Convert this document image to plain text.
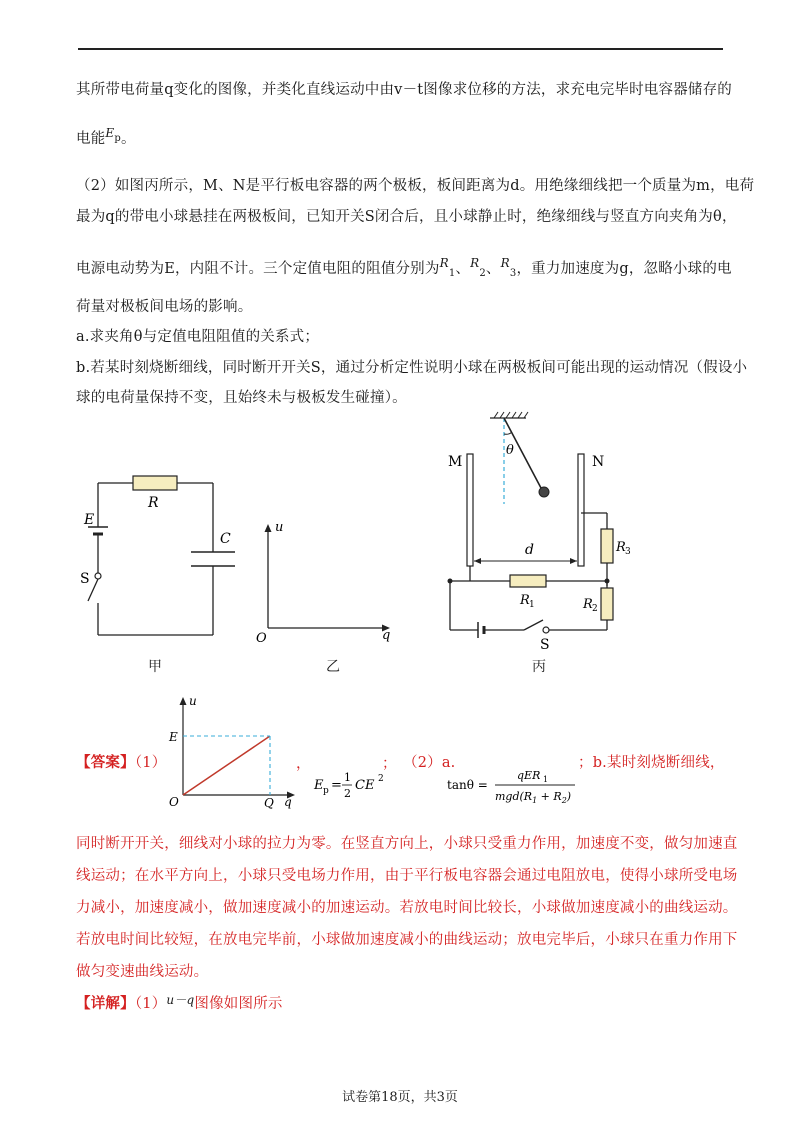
其所带电荷量q变化的图像，并类化直线运动中由v－t图像求位移的方法，求充电完毕时电容器储存的
电能$^{Ep}$。
（2）如图丙所示，M、N是平行板电容器的两个极板，板间距离为d。用绝缘细线把一个质量为m，电荷
最为q的带电小球悬挂在两极板间，已知开关S闭合后，且小球静止时，绝缘细线与竖直方向夹角为θ，
电源电动势为E，内阻不计。三个定值电阻的阻值分别为$^R_1$、$^R_2$、$^R_3$，重力加速度为g，忽略小球的电
荷量对极板间电场的影响。
a.求夹角θ与定值电阻阻值的关系式；
b.若某时刻烧断细线，同时断开开关S，通过分析定性说明小球在两极板间可能出现的运动情况（假设小
球的电荷量保持不变，且始终未与极板发生碰撞）。
R
C
E
S
甲
u
q
O
乙
θ
M	N
d	R 3
R 1	R 2
S
丙
【答案】（1）
u
E
O	Q q
，
E p =
1
2
CE 2
； （2）a.
tanθ =
qER 1
$mgd(R_1 + R_2)$
；b.某时刻烧断细线，
同时断开开关，细线对小球的拉力为零。在竖直方向上，小球只受重力作用，加速度不变，做匀加速直
线运动；在水平方向上，小球只受电场力作用，由于平行板电容器会通过电阻放电，使得小球所受电场
力减小，加速度减小，做加速度减小的加速运动。若放电时间比较长，小球做加速度减小的曲线运动。
若放电时间比较短，在放电完毕前，小球做加速度减小的曲线运动；放电完毕后，小球只在重力作用下
做匀变速曲线运动。
【详解】$(1)^{u-q}$图像如图所示
试卷第18页，共3页
